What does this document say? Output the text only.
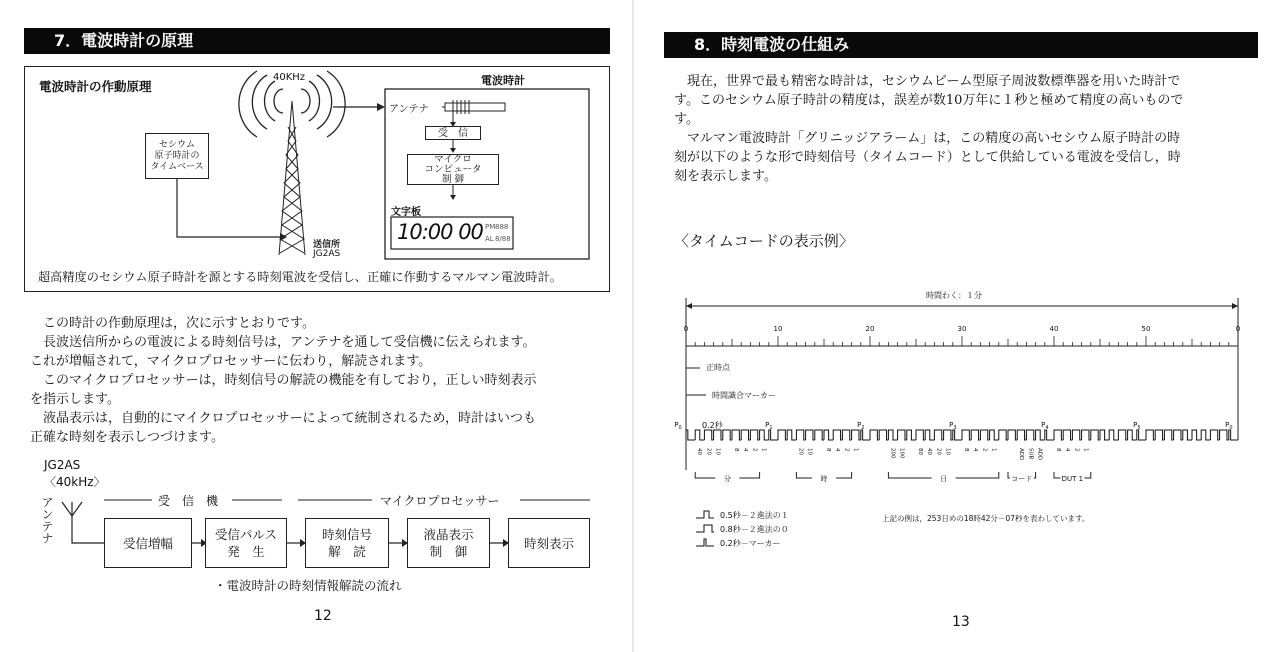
7．電波時計の原理
電波時計の作動原理
セシウム
原子時計の
タイムベース
PM
AL
888
8/88
40KHz	電波時計
アンテナ
受　信
マイクロ
コンピュータ
制 御
文字板
10:00 00
送信所
JG2AS
超高精度のセシウム原子時計を源とする時刻電波を受信し、正確に作動するマルマン電波時計。

　この時計の作動原理は，次に示すとおりです。

　長波送信所からの電波による時刻信号は，アンテナを通して受信機に伝えられます。

これが増幅されて，マイクロプロセッサーに伝わり，解読されます。

　このマイクロプロセッサーは，時刻信号の解読の機能を有しており，正しい時刻表示

を指示します。

　液晶表示は，自動的にマイクロプロセッサーによって統制されるため，時計はいつも

正確な時刻を表示しつづけます。

JG2AS
〈40kHz〉
アンテナ	受　信　機	マイクロプロセッサー
受信増幅
受信パルス
発　生
時刻信号
解　読
液晶表示
制　御
時刻表示
・電波時計の時刻情報解読の流れ
12
8．時刻電波の仕組み

　現在，世界で最も精密な時計は，セシウムビーム型原子周波数標準器を用いた時計で

す。このセシウム原子時計の精度は，誤差が数10万年に１秒と極めて精度の高いもので

す。

　マルマン電波時計「グリニッジアラーム」は，この精度の高いセシウム原子時計の時

刻が以下のような形で時刻信号（タイムコード）として供給している電波を受信し，時

刻を表示します。

〈タイムコードの表示例〉
0	10	20	30	40	50	0
$P_0$	$P_1$	$P_2$	$P_3$	$P_4$	$P_5$	$P_0$
40 20 10 8 4 2 1	20 10 8 4 2 1	200 100 80 40 20 10 8 4 2 1	ADD SUB ADD 8 4 2 1
分	時	日	コード	DUT 1
時間わく：１分
正時点
時間識合マーカー
0.2秒
0.5秒－２進法の１
0.8秒－２進法の０
0.2秒－マーカー
上記の例は，253日めの18時42分－07秒を表わしています。
13
